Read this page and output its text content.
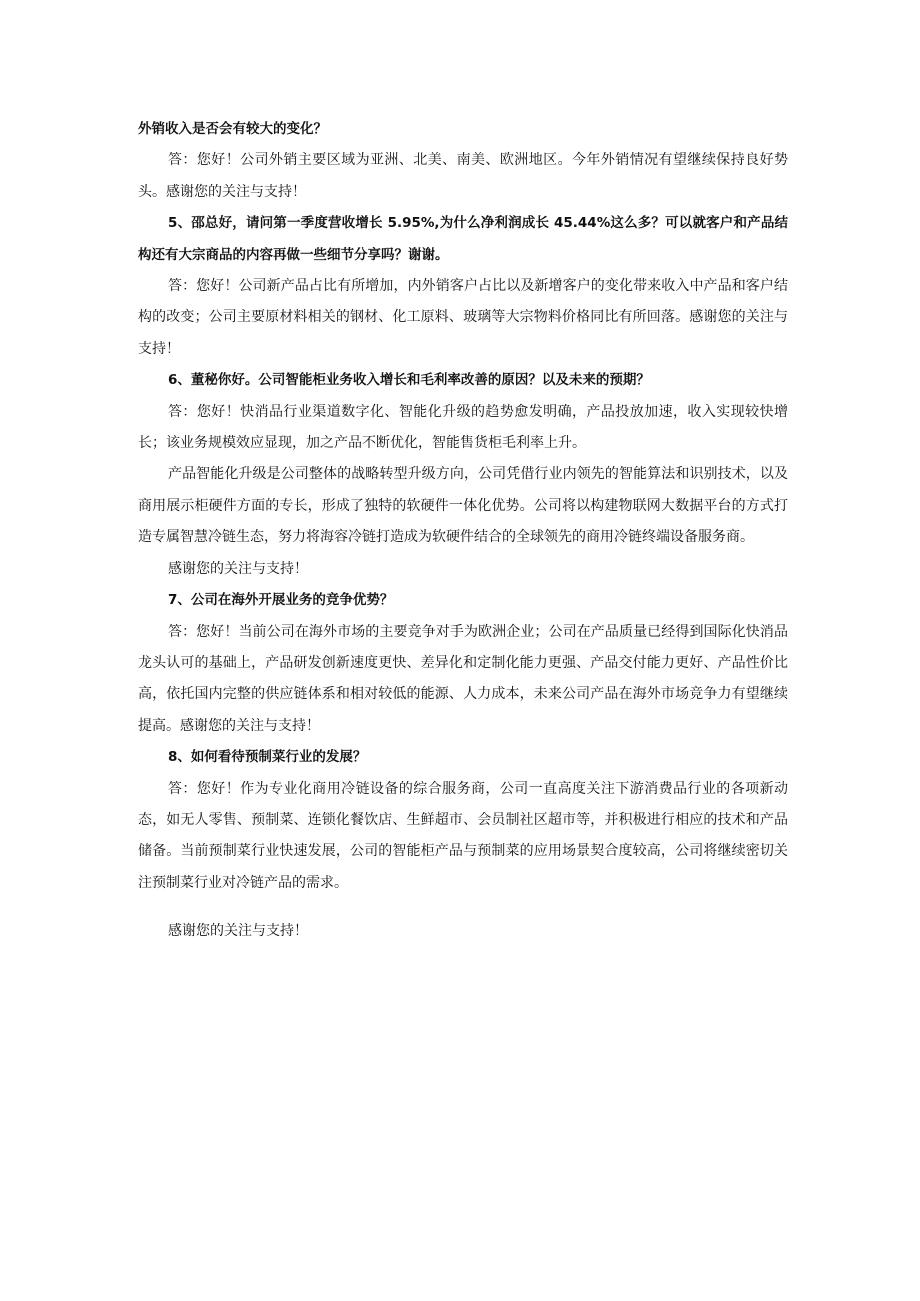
外销收入是否会有较大的变化？

答：您好！公司外销主要区域为亚洲、北美、南美、欧洲地区。今年外销情况有望继续保持良好势头。感谢您的关注与支持！

5、邵总好，请问第一季度营收增长 5.95%,为什么净利润成长 45.44%这么多？可以就客户和产品结构还有大宗商品的内容再做一些细节分享吗？谢谢。

答：您好！公司新产品占比有所增加，内外销客户占比以及新增客户的变化带来收入中产品和客户结构的改变；公司主要原材料相关的钢材、化工原料、玻璃等大宗物料价格同比有所回落。感谢您的关注与支持！

6、董秘你好。公司智能柜业务收入增长和毛利率改善的原因？以及未来的预期？

答：您好！快消品行业渠道数字化、智能化升级的趋势愈发明确，产品投放加速，收入实现较快增长；该业务规模效应显现，加之产品不断优化，智能售货柜毛利率上升。

产品智能化升级是公司整体的战略转型升级方向，公司凭借行业内领先的智能算法和识别技术，以及商用展示柜硬件方面的专长，形成了独特的软硬件一体化优势。公司将以构建物联网大数据平台的方式打造专属智慧冷链生态，努力将海容冷链打造成为软硬件结合的全球领先的商用冷链终端设备服务商。

感谢您的关注与支持！

7、公司在海外开展业务的竞争优势？

答：您好！当前公司在海外市场的主要竞争对手为欧洲企业；公司在产品质量已经得到国际化快消品龙头认可的基础上，产品研发创新速度更快、差异化和定制化能力更强、产品交付能力更好、产品性价比高，依托国内完整的供应链体系和相对较低的能源、人力成本，未来公司产品在海外市场竞争力有望继续提高。感谢您的关注与支持！

8、如何看待预制菜行业的发展？

答：您好！作为专业化商用冷链设备的综合服务商，公司一直高度关注下游消费品行业的各项新动态，如无人零售、预制菜、连锁化餐饮店、生鲜超市、会员制社区超市等，并积极进行相应的技术和产品储备。当前预制菜行业快速发展，公司的智能柜产品与预制菜的应用场景契合度较高，公司将继续密切关注预制菜行业对冷链产品的需求。

感谢您的关注与支持！
